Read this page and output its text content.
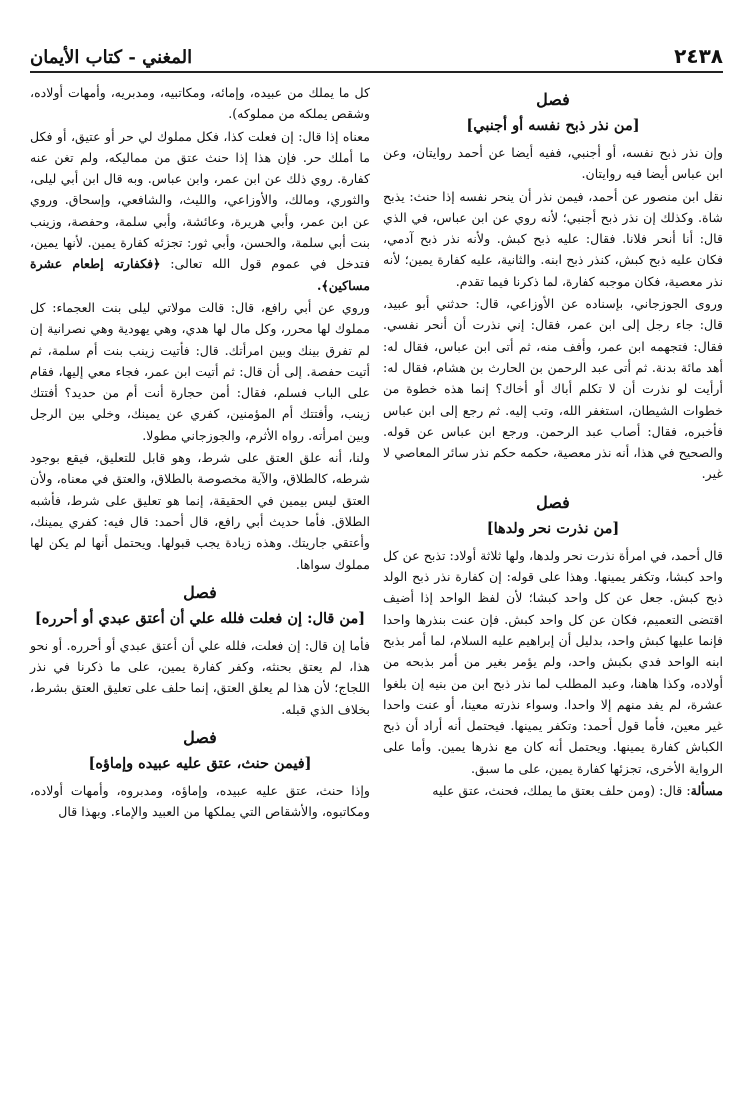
٢٤٣٨
المغني - كتاب الأيمان
فصل
[من نذر ذبح نفسه أو أجنبي]

وإن نذر ذبح نفسه، أو أجنبي، ففيه أيضا عن أحمد روايتان، وعن ابن عباس أيضا فيه روايتان.

نقل ابن منصور عن أحمد، فيمن نذر أن ينحر نفسه إذا حنث: يذبح شاة. وكذلك إن نذر ذبح أجنبي؛ لأنه روي عن ابن عباس، في الذي قال: أنا أنحر فلانا. فقال: عليه ذبح كبش. ولأنه نذر ذبح آدمي، فكان عليه ذبح كبش، كنذر ذبح ابنه. والثانية، عليه كفارة يمين؛ لأنه نذر معصية، فكان موجبه كفارة، لما ذكرنا فيما تقدم.

وروى الجوزجاني، بإسناده عن الأوزاعي، قال: حدثني أبو عبيد، قال: جاء رجل إلى ابن عمر، فقال: إني نذرت أن أنحر نفسي. فقال: فتجهمه ابن عمر، وأفف منه، ثم أتى ابن عباس، فقال له: أهد مائة بدنة. ثم أتى عبد الرحمن بن الحارث بن هشام، فقال له: أرأيت لو نذرت أن لا تكلم أباك أو أخاك؟ إنما هذه خطوة من خطوات الشيطان، استغفر الله، وتب إليه. ثم رجع إلى ابن عباس فأخبره، فقال: أصاب عبد الرحمن. ورجع ابن عباس عن قوله. والصحيح في هذا، أنه نذر معصية، حكمه حكم نذر سائر المعاصي لا غير.

فصل
[من نذرت نحر ولدها]

قال أحمد، في امرأة نذرت نحر ولدها، ولها ثلاثة أولاد: تذبح عن كل واحد كبشا، وتكفر يمينها. وهذا على قوله: إن كفارة نذر ذبح الولد ذبح كبش. جعل عن كل واحد كبشا؛ لأن لفظ الواحد إذا أضيف اقتضى التعميم، فكان عن كل واحد كبش. فإن عنت بنذرها واحدا فإنما عليها كبش واحد، بدليل أن إبراهيم عليه السلام، لما أمر بذبح ابنه الواحد فدي بكبش واحد، ولم يؤمر بغير من أمر بذبحه من أولاده، وكذا هاهنا، وعبد المطلب لما نذر ذبح ابن من بنيه إن بلغوا عشرة، لم يفد منهم إلا واحدا. وسواء نذرته معينا، أو عنت واحدا غير معين، فأما قول أحمد: وتكفر يمينها. فيحتمل أنه أراد أن ذبح الكباش كفارة يمينها. ويحتمل أنه كان مع نذرها يمين. وأما على الرواية الأخرى، تجزئها كفارة يمين، على ما سبق.

مسألة: قال: (ومن حلف بعتق ما يملك، فحنث، عتق عليه

كل ما يملك من عبيده، وإمائه، ومكاتبيه، ومدبريه، وأمهات أولاده، وشقص يملكه من مملوكه).

معناه إذا قال: إن فعلت كذا، فكل مملوك لي حر أو عتيق، أو فكل ما أملك حر. فإن هذا إذا حنث عتق من مماليكه، ولم تغن عنه كفارة. روي ذلك عن ابن عمر، وابن عباس. وبه قال ابن أبي ليلى، والثوري، ومالك، والأوزاعي، والليث، والشافعي، وإسحاق. وروي عن ابن عمر، وأبي هريرة، وعائشة، وأبي سلمة، وحفصة، وزينب بنت أبي سلمة، والحسن، وأبي ثور: تجزئه كفارة يمين. لأنها يمين، فتدخل في عموم قول الله تعالى: ﴿فكفارته إطعام عشرة مساكين﴾.

وروي عن أبي رافع، قال: قالت مولاتي ليلى بنت العجماء: كل مملوك لها محرر، وكل مال لها هدي، وهي يهودية وهي نصرانية إن لم تفرق بينك وبين امرأتك. قال: فأتيت زينب بنت أم سلمة، ثم أتيت حفصة. إلى أن قال: ثم أتيت ابن عمر، فجاء معي إليها، فقام على الباب فسلم، فقال: أمن حجارة أنت أم من حديد؟ أفتتك زينب، وأفتتك أم المؤمنين، كفري عن يمينك، وخلي بين الرجل وبين امرأته. رواه الأثرم، والجوزجاني مطولا.

ولنا، أنه علق العتق على شرط، وهو قابل للتعليق، فيقع بوجود شرطه، كالطلاق، والآية مخصوصة بالطلاق، والعتق في معناه، ولأن العتق ليس بيمين في الحقيقة، إنما هو تعليق على شرط، فأشبه الطلاق. فأما حديث أبي رافع، قال أحمد: قال فيه: كفري يمينك، وأعتقي جاريتك. وهذه زيادة يجب قبولها. ويحتمل أنها لم يكن لها مملوك سواها.

فصل
[من قال: إن فعلت فلله علي أن أعتق عبدي أو أحرره]

فأما إن قال: إن فعلت، فلله علي أن أعتق عبدي أو أحرره. أو نحو هذا، لم يعتق بحنثه، وكفر كفارة يمين، على ما ذكرنا في نذر اللجاج؛ لأن هذا لم يعلق العتق، إنما حلف على تعليق العتق بشرط، بخلاف الذي قبله.

فصل
[فيمن حنث، عتق عليه عبيده وإماؤه]

وإذا حنث، عتق عليه عبيده، وإماؤه، ومدبروه، وأمهات أولاده، ومكاتبوه، والأشقاص التي يملكها من العبيد والإماء. وبهذا قال
